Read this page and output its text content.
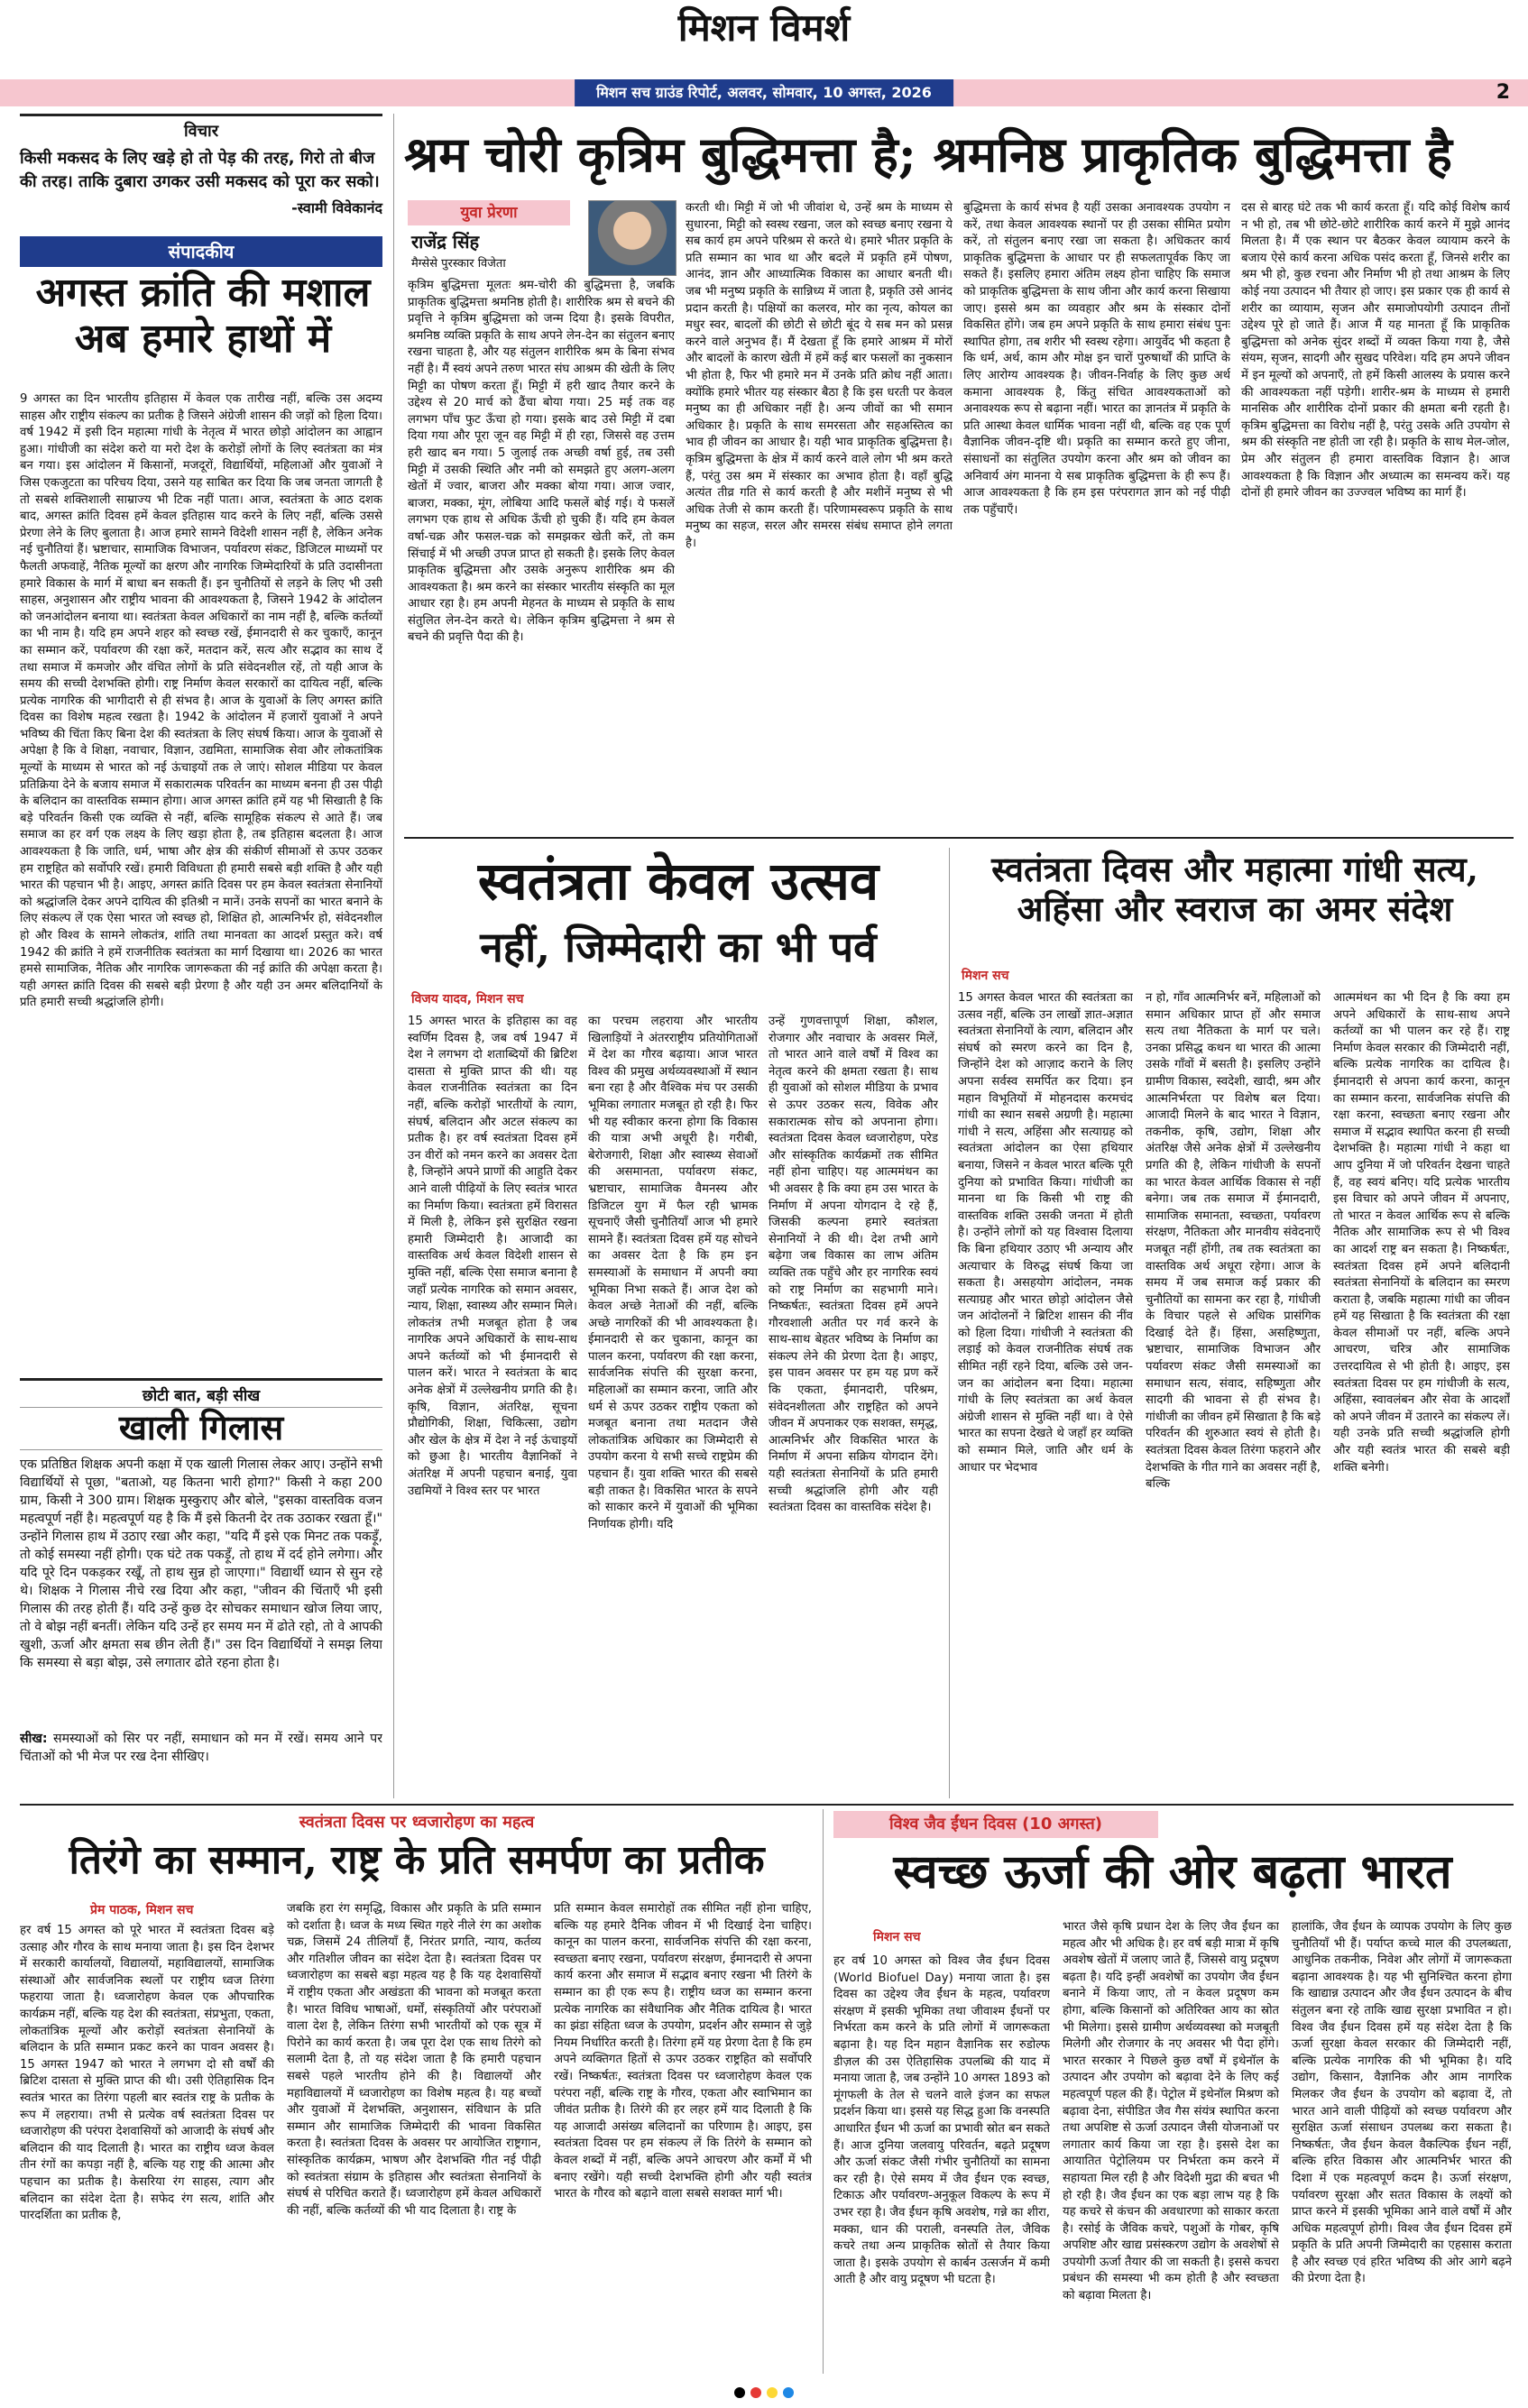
मिशन विमर्श
मिशन सच ग्राउंड रिपोर्ट, अलवर, सोमवार, 10 अगस्त, 2026	2
विचार
किसी मकसद के लिए खड़े हो तो पेड़ की तरह, गिरो तो बीज की तरह। ताकि दुबारा उगकर उसी मकसद को पूरा कर सको।
-स्वामी विवेकानंद
संपादकीय
अगस्त क्रांति की मशाल अब हमारे हाथों में
9 अगस्त का दिन भारतीय इतिहास में केवल एक तारीख नहीं, बल्कि उस अदम्य साहस और राष्ट्रीय संकल्प का प्रतीक है जिसने अंग्रेजी शासन की जड़ों को हिला दिया। वर्ष 1942 में इसी दिन महात्मा गांधी के नेतृत्व में भारत छोड़ो आंदोलन का आह्वान हुआ। गांधीजी का संदेश करो या मरो देश के करोड़ों लोगों के लिए स्वतंत्रता का मंत्र बन गया। इस आंदोलन में किसानों, मजदूरों, विद्यार्थियों, महिलाओं और युवाओं ने जिस एकजुटता का परिचय दिया, उसने यह साबित कर दिया कि जब जनता जागती है तो सबसे शक्तिशाली साम्राज्य भी टिक नहीं पाता। आज, स्वतंत्रता के आठ दशक बाद, अगस्त क्रांति दिवस हमें केवल इतिहास याद करने के लिए नहीं, बल्कि उससे प्रेरणा लेने के लिए बुलाता है। आज हमारे सामने विदेशी शासन नहीं है, लेकिन अनेक नई चुनौतियां हैं। भ्रष्टाचार, सामाजिक विभाजन, पर्यावरण संकट, डिजिटल माध्यमों पर फैलती अफवाहें, नैतिक मूल्यों का क्षरण और नागरिक जिम्मेदारियों के प्रति उदासीनता हमारे विकास के मार्ग में बाधा बन सकती हैं। इन चुनौतियों से लड़ने के लिए भी उसी साहस, अनुशासन और राष्ट्रीय भावना की आवश्यकता है, जिसने 1942 के आंदोलन को जनआंदोलन बनाया था। स्वतंत्रता केवल अधिकारों का नाम नहीं है, बल्कि कर्तव्यों का भी नाम है। यदि हम अपने शहर को स्वच्छ रखें, ईमानदारी से कर चुकाएँ, कानून का सम्मान करें, पर्यावरण की रक्षा करें, मतदान करें, सत्य और सद्भाव का साथ दें तथा समाज में कमजोर और वंचित लोगों के प्रति संवेदनशील रहें, तो यही आज के समय की सच्ची देशभक्ति होगी। राष्ट्र निर्माण केवल सरकारों का दायित्व नहीं, बल्कि प्रत्येक नागरिक की भागीदारी से ही संभव है। आज के युवाओं के लिए अगस्त क्रांति दिवस का विशेष महत्व रखता है। 1942 के आंदोलन में हजारों युवाओं ने अपने भविष्य की चिंता किए बिना देश की स्वतंत्रता के लिए संघर्ष किया। आज के युवाओं से अपेक्षा है कि वे शिक्षा, नवाचार, विज्ञान, उद्यमिता, सामाजिक सेवा और लोकतांत्रिक मूल्यों के माध्यम से भारत को नई ऊंचाइयों तक ले जाएं। सोशल मीडिया पर केवल प्रतिक्रिया देने के बजाय समाज में सकारात्मक परिवर्तन का माध्यम बनना ही उस पीढ़ी के बलिदान का वास्तविक सम्मान होगा। आज अगस्त क्रांति हमें यह भी सिखाती है कि बड़े परिवर्तन किसी एक व्यक्ति से नहीं, बल्कि सामूहिक संकल्प से आते हैं। जब समाज का हर वर्ग एक लक्ष्य के लिए खड़ा होता है, तब इतिहास बदलता है। आज आवश्यकता है कि जाति, धर्म, भाषा और क्षेत्र की संकीर्ण सीमाओं से ऊपर उठकर हम राष्ट्रहित को सर्वोपरि रखें। हमारी विविधता ही हमारी सबसे बड़ी शक्ति है और यही भारत की पहचान भी है। आइए, अगस्त क्रांति दिवस पर हम केवल स्वतंत्रता सेनानियों को श्रद्धांजलि देकर अपने दायित्व की इतिश्री न मानें। उनके सपनों का भारत बनाने के लिए संकल्प लें एक ऐसा भारत जो स्वच्छ हो, शिक्षित हो, आत्मनिर्भर हो, संवेदनशील हो और विश्व के सामने लोकतंत्र, शांति तथा मानवता का आदर्श प्रस्तुत करे। वर्ष 1942 की क्रांति ने हमें राजनीतिक स्वतंत्रता का मार्ग दिखाया था। 2026 का भारत हमसे सामाजिक, नैतिक और नागरिक जागरूकता की नई क्रांति की अपेक्षा करता है। यही अगस्त क्रांति दिवस की सबसे बड़ी प्रेरणा है और यही उन अमर बलिदानियों के प्रति हमारी सच्ची श्रद्धांजलि होगी।
छोटी बात, बड़ी सीख
खाली गिलास
एक प्रतिष्ठित शिक्षक अपनी कक्षा में एक खाली गिलास लेकर आए। उन्होंने सभी विद्यार्थियों से पूछा, "बताओ, यह कितना भारी होगा?" किसी ने कहा 200 ग्राम, किसी ने 300 ग्राम। शिक्षक मुस्कुराए और बोले, "इसका वास्तविक वजन महत्वपूर्ण नहीं है। महत्वपूर्ण यह है कि मैं इसे कितनी देर तक उठाकर रखता हूँ।" उन्होंने गिलास हाथ में उठाए रखा और कहा, "यदि मैं इसे एक मिनट तक पकड़ूँ, तो कोई समस्या नहीं होगी। एक घंटे तक पकड़ूँ, तो हाथ में दर्द होने लगेगा। और यदि पूरे दिन पकड़कर रखूँ, तो हाथ सुन्न हो जाएगा।" विद्यार्थी ध्यान से सुन रहे थे। शिक्षक ने गिलास नीचे रख दिया और कहा, "जीवन की चिंताएँ भी इसी गिलास की तरह होती हैं। यदि उन्हें कुछ देर सोचकर समाधान खोज लिया जाए, तो वे बोझ नहीं बनतीं। लेकिन यदि उन्हें हर समय मन में ढोते रहो, तो वे आपकी खुशी, ऊर्जा और क्षमता सब छीन लेती हैं।" उस दिन विद्यार्थियों ने समझ लिया कि समस्या से बड़ा बोझ, उसे लगातार ढोते रहना होता है।
सीख: समस्याओं को सिर पर नहीं, समाधान को मन में रखें। समय आने पर चिंताओं को भी मेज पर रख देना सीखिए।
श्रम चोरी कृत्रिम बुद्धिमत्ता है; श्रमनिष्ठ प्राकृतिक बुद्धिमत्ता है
युवा प्रेरणा
राजेंद्र सिंह
मैग्सेसे पुरस्कार विजेता
कृत्रिम बुद्धिमत्ता मूलतः श्रम-चोरी की बुद्धिमत्ता है, जबकि प्राकृतिक बुद्धिमत्ता श्रमनिष्ठ होती है। शारीरिक श्रम से बचने की प्रवृत्ति ने कृत्रिम बुद्धिमत्ता को जन्म दिया है। इसके विपरीत, श्रमनिष्ठ व्यक्ति प्रकृति के साथ अपने लेन-देन का संतुलन बनाए रखना चाहता है, और यह संतुलन शारीरिक श्रम के बिना संभव नहीं है। मैं स्वयं अपने तरुण भारत संघ आश्रम की खेती के लिए मिट्टी का पोषण करता हूँ। मिट्टी में हरी खाद तैयार करने के उद्देश्य से 20 मार्च को ढैंचा बोया गया। 25 मई तक वह लगभग पाँच फुट ऊँचा हो गया। इसके बाद उसे मिट्टी में दबा दिया गया और पूरा जून वह मिट्टी में ही रहा, जिससे वह उत्तम हरी खाद बन गया। 5 जुलाई तक अच्छी वर्षा हुई, तब उसी मिट्टी में उसकी स्थिति और नमी को समझते हुए अलग-अलग खेतों में ज्वार, बाजरा और मक्का बोया गया। आज ज्वार, बाजरा, मक्का, मूंग, लोबिया आदि फसलें बोई गई। ये फसलें लगभग एक हाथ से अधिक ऊँची हो चुकी हैं। यदि हम केवल वर्षा-चक्र और फसल-चक्र को समझकर खेती करें, तो कम सिंचाई में भी अच्छी उपज प्राप्त हो सकती है। इसके लिए केवल प्राकृतिक बुद्धिमत्ता और उसके अनुरूप शारीरिक श्रम की आवश्यकता है। श्रम करने का संस्कार भारतीय संस्कृति का मूल आधार रहा है। हम अपनी मेहनत के माध्यम से प्रकृति के साथ संतुलित लेन-देन करते थे। लेकिन कृत्रिम बुद्धिमत्ता ने श्रम से बचने की प्रवृत्ति पैदा की है।
करती थी। मिट्टी में जो भी जीवांश थे, उन्हें श्रम के माध्यम से सुधारना, मिट्टी को स्वस्थ रखना, जल को स्वच्छ बनाए रखना ये सब कार्य हम अपने परिश्रम से करते थे। हमारे भीतर प्रकृति के प्रति सम्मान का भाव था और बदले में प्रकृति हमें पोषण, आनंद, ज्ञान और आध्यात्मिक विकास का आधार बनती थी। जब भी मनुष्य प्रकृति के सान्निध्य में जाता है, प्रकृति उसे आनंद प्रदान करती है। पक्षियों का कलरव, मोर का नृत्य, कोयल का मधुर स्वर, बादलों की छोटी से छोटी बूंद ये सब मन को प्रसन्न करने वाले अनुभव हैं। मैं देखता हूँ कि हमारे आश्रम में मोरों और बादलों के कारण खेती में हमें कई बार फसलों का नुकसान भी होता है, फिर भी हमारे मन में उनके प्रति क्रोध नहीं आता। क्योंकि हमारे भीतर यह संस्कार बैठा है कि इस धरती पर केवल मनुष्य का ही अधिकार नहीं है। अन्य जीवों का भी समान अधिकार है। प्रकृति के साथ समरसता और सहअस्तित्व का भाव ही जीवन का आधार है। यही भाव प्राकृतिक बुद्धिमत्ता है। कृत्रिम बुद्धिमत्ता के क्षेत्र में कार्य करने वाले लोग भी श्रम करते हैं, परंतु उस श्रम में संस्कार का अभाव होता है। वहाँ बुद्धि अत्यंत तीव्र गति से कार्य करती है और मशीनें मनुष्य से भी अधिक तेजी से काम करती हैं। परिणामस्वरूप प्रकृति के साथ मनुष्य का सहज, सरल और समरस संबंध समाप्त होने लगता है।
बुद्धिमत्ता के कार्य संभव है यहीं उसका अनावश्यक उपयोग न करें, तथा केवल आवश्यक स्थानों पर ही उसका सीमित प्रयोग करें, तो संतुलन बनाए रखा जा सकता है। अधिकतर कार्य प्राकृतिक बुद्धिमत्ता के आधार पर ही सफलतापूर्वक किए जा सकते हैं। इसलिए हमारा अंतिम लक्ष्य होना चाहिए कि समाज को प्राकृतिक बुद्धिमत्ता के साथ जीना और कार्य करना सिखाया जाए। इससे श्रम का व्यवहार और श्रम के संस्कार दोनों विकसित होंगे। जब हम अपने प्रकृति के साथ हमारा संबंध पुनः स्थापित होगा, तब शरीर भी स्वस्थ रहेगा। आयुर्वेद भी कहता है कि धर्म, अर्थ, काम और मोक्ष इन चारों पुरुषार्थों की प्राप्ति के लिए आरोग्य आवश्यक है। जीवन-निर्वाह के लिए कुछ अर्थ कमाना आवश्यक है, किंतु संचित आवश्यकताओं को अनावश्यक रूप से बढ़ाना नहीं। भारत का ज्ञानतंत्र में प्रकृति के प्रति आस्था केवल धार्मिक भावना नहीं थी, बल्कि वह एक पूर्ण वैज्ञानिक जीवन-दृष्टि थी। प्रकृति का सम्मान करते हुए जीना, संसाधनों का संतुलित उपयोग करना और श्रम को जीवन का अनिवार्य अंग मानना ये सब प्राकृतिक बुद्धिमत्ता के ही रूप हैं। आज आवश्यकता है कि हम इस परंपरागत ज्ञान को नई पीढ़ी तक पहुँचाएँ।
दस से बारह घंटे तक भी कार्य करता हूँ। यदि कोई विशेष कार्य न भी हो, तब भी छोटे-छोटे शारीरिक कार्य करने में मुझे आनंद मिलता है। मैं एक स्थान पर बैठकर केवल व्यायाम करने के बजाय ऐसे कार्य करना अधिक पसंद करता हूँ, जिनसे शरीर का श्रम भी हो, कुछ रचना और निर्माण भी हो तथा आश्रम के लिए कोई नया उत्पादन भी तैयार हो जाए। इस प्रकार एक ही कार्य से शरीर का व्यायाम, सृजन और समाजोपयोगी उत्पादन तीनों उद्देश्य पूरे हो जाते हैं। आज मैं यह मानता हूँ कि प्राकृतिक बुद्धिमत्ता को अनेक सुंदर शब्दों में व्यक्त किया गया है, जैसे संयम, सृजन, सादगी और सुखद परिवेश। यदि हम अपने जीवन में इन मूल्यों को अपनाएँ, तो हमें किसी आलस्य के प्रयास करने की आवश्यकता नहीं पड़ेगी। शारीर-श्रम के माध्यम से हमारी मानसिक और शारीरिक दोनों प्रकार की क्षमता बनी रहती है। कृत्रिम बुद्धिमत्ता का विरोध नहीं है, परंतु उसके अति उपयोग से श्रम की संस्कृति नष्ट होती जा रही है। प्रकृति के साथ मेल-जोल, प्रेम और संतुलन ही हमारा वास्तविक विज्ञान है। आज आवश्यकता है कि विज्ञान और अध्यात्म का समन्वय करें। यह दोनों ही हमारे जीवन का उज्ज्वल भविष्य का मार्ग हैं।
स्वतंत्रता केवल उत्सव
नहीं, जिम्मेदारी का भी पर्व
विजय यादव, मिशन सच
15 अगस्त भारत के इतिहास का वह स्वर्णिम दिवस है, जब वर्ष 1947 में देश ने लगभग दो शताब्दियों की ब्रिटिश दासता से मुक्ति प्राप्त की थी। यह केवल राजनीतिक स्वतंत्रता का दिन नहीं, बल्कि करोड़ों भारतीयों के त्याग, संघर्ष, बलिदान और अटल संकल्प का प्रतीक है। हर वर्ष स्वतंत्रता दिवस हमें उन वीरों को नमन करने का अवसर देता है, जिन्होंने अपने प्राणों की आहुति देकर आने वाली पीढ़ियों के लिए स्वतंत्र भारत का निर्माण किया। स्वतंत्रता हमें विरासत में मिली है, लेकिन इसे सुरक्षित रखना हमारी जिम्मेदारी है। आजादी का वास्तविक अर्थ केवल विदेशी शासन से मुक्ति नहीं, बल्कि ऐसा समाज बनाना है जहाँ प्रत्येक नागरिक को समान अवसर, न्याय, शिक्षा, स्वास्थ्य और सम्मान मिले। लोकतंत्र तभी मजबूत होता है जब नागरिक अपने अधिकारों के साथ-साथ अपने कर्तव्यों को भी ईमानदारी से पालन करें। भारत ने स्वतंत्रता के बाद अनेक क्षेत्रों में उल्लेखनीय प्रगति की है। कृषि, विज्ञान, अंतरिक्ष, सूचना प्रौद्योगिकी, शिक्षा, चिकित्सा, उद्योग और खेल के क्षेत्र में देश ने नई ऊंचाइयों को छुआ है। भारतीय वैज्ञानिकों ने अंतरिक्ष में अपनी पहचान बनाई, युवा उद्यमियों ने विश्व स्तर पर भारत
का परचम लहराया और भारतीय खिलाड़ियों ने अंतरराष्ट्रीय प्रतियोगिताओं में देश का गौरव बढ़ाया। आज भारत विश्व की प्रमुख अर्थव्यवस्थाओं में स्थान बना रहा है और वैश्विक मंच पर उसकी भूमिका लगातार मजबूत हो रही है। फिर भी यह स्वीकार करना होगा कि विकास की यात्रा अभी अधूरी है। गरीबी, बेरोजगारी, शिक्षा और स्वास्थ्य सेवाओं की असमानता, पर्यावरण संकट, भ्रष्टाचार, सामाजिक वैमनस्य और डिजिटल युग में फैल रही भ्रामक सूचनाएँ जैसी चुनौतियाँ आज भी हमारे सामने हैं। स्वतंत्रता दिवस हमें यह सोचने का अवसर देता है कि हम इन समस्याओं के समाधान में अपनी क्या भूमिका निभा सकते हैं। आज देश को केवल अच्छे नेताओं की नहीं, बल्कि अच्छे नागरिकों की भी आवश्यकता है। ईमानदारी से कर चुकाना, कानून का पालन करना, पर्यावरण की रक्षा करना, सार्वजनिक संपत्ति की सुरक्षा करना, महिलाओं का सम्मान करना, जाति और धर्म से ऊपर उठकर राष्ट्रीय एकता को मजबूत बनाना तथा मतदान जैसे लोकतांत्रिक अधिकार का जिम्मेदारी से उपयोग करना ये सभी सच्चे राष्ट्रप्रेम की पहचान हैं। युवा शक्ति भारत की सबसे बड़ी ताकत है। विकसित भारत के सपने को साकार करने में युवाओं की भूमिका निर्णायक होगी। यदि
उन्हें गुणवत्तापूर्ण शिक्षा, कौशल, रोजगार और नवाचार के अवसर मिलें, तो भारत आने वाले वर्षों में विश्व का नेतृत्व करने की क्षमता रखता है। साथ ही युवाओं को सोशल मीडिया के प्रभाव से ऊपर उठकर सत्य, विवेक और सकारात्मक सोच को अपनाना होगा। स्वतंत्रता दिवस केवल ध्वजारोहण, परेड और सांस्कृतिक कार्यक्रमों तक सीमित नहीं होना चाहिए। यह आत्ममंथन का भी अवसर है कि क्या हम उस भारत के निर्माण में अपना योगदान दे रहे हैं, जिसकी कल्पना हमारे स्वतंत्रता सेनानियों ने की थी। देश तभी आगे बढ़ेगा जब विकास का लाभ अंतिम व्यक्ति तक पहुँचे और हर नागरिक स्वयं को राष्ट्र निर्माण का सहभागी माने। निष्कर्षतः, स्वतंत्रता दिवस हमें अपने गौरवशाली अतीत पर गर्व करने के साथ-साथ बेहतर भविष्य के निर्माण का संकल्प लेने की प्रेरणा देता है। आइए, इस पावन अवसर पर हम यह प्रण करें कि एकता, ईमानदारी, परिश्रम, संवेदनशीलता और राष्ट्रहित को अपने जीवन में अपनाकर एक सशक्त, समृद्ध, आत्मनिर्भर और विकसित भारत के निर्माण में अपना सक्रिय योगदान देंगे। यही स्वतंत्रता सेनानियों के प्रति हमारी सच्ची श्रद्धांजलि होगी और यही स्वतंत्रता दिवस का वास्तविक संदेश है।
स्वतंत्रता दिवस और महात्मा गांधी सत्य, अहिंसा और स्वराज का अमर संदेश
मिशन सच
15 अगस्त केवल भारत की स्वतंत्रता का उत्सव नहीं, बल्कि उन लाखों ज्ञात-अज्ञात स्वतंत्रता सेनानियों के त्याग, बलिदान और संघर्ष को स्मरण करने का दिन है, जिन्होंने देश को आज़ाद कराने के लिए अपना सर्वस्व समर्पित कर दिया। इन महान विभूतियों में मोहनदास करमचंद गांधी का स्थान सबसे अग्रणी है। महात्मा गांधी ने सत्य, अहिंसा और सत्याग्रह को स्वतंत्रता आंदोलन का ऐसा हथियार बनाया, जिसने न केवल भारत बल्कि पूरी दुनिया को प्रभावित किया। गांधीजी का मानना था कि किसी भी राष्ट्र की वास्तविक शक्ति उसकी जनता में होती है। उन्होंने लोगों को यह विश्वास दिलाया कि बिना हथियार उठाए भी अन्याय और अत्याचार के विरुद्ध संघर्ष किया जा सकता है। असहयोग आंदोलन, नमक सत्याग्रह और भारत छोड़ो आंदोलन जैसे जन आंदोलनों ने ब्रिटिश शासन की नींव को हिला दिया। गांधीजी ने स्वतंत्रता की लड़ाई को केवल राजनीतिक संघर्ष तक सीमित नहीं रहने दिया, बल्कि उसे जन-जन का आंदोलन बना दिया। महात्मा गांधी के लिए स्वतंत्रता का अर्थ केवल अंग्रेजी शासन से मुक्ति नहीं था। वे ऐसे भारत का सपना देखते थे जहाँ हर व्यक्ति को सम्मान मिले, जाति और धर्म के आधार पर भेदभाव
न हो, गाँव आत्मनिर्भर बनें, महिलाओं को समान अधिकार प्राप्त हों और समाज सत्य तथा नैतिकता के मार्ग पर चले। उनका प्रसिद्ध कथन था भारत की आत्मा उसके गाँवों में बसती है। इसलिए उन्होंने ग्रामीण विकास, स्वदेशी, खादी, श्रम और आत्मनिर्भरता पर विशेष बल दिया। आजादी मिलने के बाद भारत ने विज्ञान, तकनीक, कृषि, उद्योग, शिक्षा और अंतरिक्ष जैसे अनेक क्षेत्रों में उल्लेखनीय प्रगति की है, लेकिन गांधीजी के सपनों का भारत केवल आर्थिक विकास से नहीं बनेगा। जब तक समाज में ईमानदारी, सामाजिक समानता, स्वच्छता, पर्यावरण संरक्षण, नैतिकता और मानवीय संवेदनाएँ मजबूत नहीं होंगी, तब तक स्वतंत्रता का वास्तविक अर्थ अधूरा रहेगा। आज के समय में जब समाज कई प्रकार की चुनौतियों का सामना कर रहा है, गांधीजी के विचार पहले से अधिक प्रासंगिक दिखाई देते हैं। हिंसा, असहिष्णुता, भ्रष्टाचार, सामाजिक विभाजन और पर्यावरण संकट जैसी समस्याओं का समाधान सत्य, संवाद, सहिष्णुता और सादगी की भावना से ही संभव है। गांधीजी का जीवन हमें सिखाता है कि बड़े परिवर्तन की शुरुआत स्वयं से होती है। स्वतंत्रता दिवस केवल तिरंगा फहराने और देशभक्ति के गीत गाने का अवसर नहीं है, बल्कि
आत्ममंथन का भी दिन है कि क्या हम अपने अधिकारों के साथ-साथ अपने कर्तव्यों का भी पालन कर रहे हैं। राष्ट्र निर्माण केवल सरकार की जिम्मेदारी नहीं, बल्कि प्रत्येक नागरिक का दायित्व है। ईमानदारी से अपना कार्य करना, कानून का सम्मान करना, सार्वजनिक संपत्ति की रक्षा करना, स्वच्छता बनाए रखना और समाज में सद्भाव स्थापित करना ही सच्ची देशभक्ति है। महात्मा गांधी ने कहा था आप दुनिया में जो परिवर्तन देखना चाहते हैं, वह स्वयं बनिए। यदि प्रत्येक भारतीय इस विचार को अपने जीवन में अपनाए, तो भारत न केवल आर्थिक रूप से बल्कि नैतिक और सामाजिक रूप से भी विश्व का आदर्श राष्ट्र बन सकता है। निष्कर्षतः, स्वतंत्रता दिवस हमें अपने बलिदानी स्वतंत्रता सेनानियों के बलिदान का स्मरण कराता है, जबकि महात्मा गांधी का जीवन हमें यह सिखाता है कि स्वतंत्रता की रक्षा केवल सीमाओं पर नहीं, बल्कि अपने आचरण, चरित्र और सामाजिक उत्तरदायित्व से भी होती है। आइए, इस स्वतंत्रता दिवस पर हम गांधीजी के सत्य, अहिंसा, स्वावलंबन और सेवा के आदर्शों को अपने जीवन में उतारने का संकल्प लें। यही उनके प्रति सच्ची श्रद्धांजलि होगी और यही स्वतंत्र भारत की सबसे बड़ी शक्ति बनेगी।
स्वतंत्रता दिवस पर ध्वजारोहण का महत्व
तिरंगे का सम्मान, राष्ट्र के प्रति समर्पण का प्रतीक
प्रेम पाठक, मिशन सच
हर वर्ष 15 अगस्त को पूरे भारत में स्वतंत्रता दिवस बड़े उत्साह और गौरव के साथ मनाया जाता है। इस दिन देशभर में सरकारी कार्यालयों, विद्यालयों, महाविद्यालयों, सामाजिक संस्थाओं और सार्वजनिक स्थलों पर राष्ट्रीय ध्वज तिरंगा फहराया जाता है। ध्वजारोहण केवल एक औपचारिक कार्यक्रम नहीं, बल्कि यह देश की स्वतंत्रता, संप्रभुता, एकता, लोकतांत्रिक मूल्यों और करोड़ों स्वतंत्रता सेनानियों के बलिदान के प्रति सम्मान प्रकट करने का पावन अवसर है। 15 अगस्त 1947 को भारत ने लगभग दो सौ वर्षों की ब्रिटिश दासता से मुक्ति प्राप्त की थी। उसी ऐतिहासिक दिन स्वतंत्र भारत का तिरंगा पहली बार स्वतंत्र राष्ट्र के प्रतीक के रूप में लहराया। तभी से प्रत्येक वर्ष स्वतंत्रता दिवस पर ध्वजारोहण की परंपरा देशवासियों को आजादी के संघर्ष और बलिदान की याद दिलाती है। भारत का राष्ट्रीय ध्वज केवल तीन रंगों का कपड़ा नहीं है, बल्कि यह राष्ट्र की आत्मा और पहचान का प्रतीक है। केसरिया रंग साहस, त्याग और बलिदान का संदेश देता है। सफेद रंग सत्य, शांति और पारदर्शिता का प्रतीक है,
जबकि हरा रंग समृद्धि, विकास और प्रकृति के प्रति सम्मान को दर्शाता है। ध्वज के मध्य स्थित गहरे नीले रंग का अशोक चक्र, जिसमें 24 तीलियाँ हैं, निरंतर प्रगति, न्याय, कर्तव्य और गतिशील जीवन का संदेश देता है। स्वतंत्रता दिवस पर ध्वजारोहण का सबसे बड़ा महत्व यह है कि यह देशवासियों में राष्ट्रीय एकता और अखंडता की भावना को मजबूत करता है। भारत विविध भाषाओं, धर्मों, संस्कृतियों और परंपराओं वाला देश है, लेकिन तिरंगा सभी भारतीयों को एक सूत्र में पिरोने का कार्य करता है। जब पूरा देश एक साथ तिरंगे को सलामी देता है, तो यह संदेश जाता है कि हमारी पहचान सबसे पहले भारतीय होने की है। विद्यालयों और महाविद्यालयों में ध्वजारोहण का विशेष महत्व है। यह बच्चों और युवाओं में देशभक्ति, अनुशासन, संविधान के प्रति सम्मान और सामाजिक जिम्मेदारी की भावना विकसित करता है। स्वतंत्रता दिवस के अवसर पर आयोजित राष्ट्रगान, सांस्कृतिक कार्यक्रम, भाषण और देशभक्ति गीत नई पीढ़ी को स्वतंत्रता संग्राम के इतिहास और स्वतंत्रता सेनानियों के संघर्ष से परिचित कराते हैं। ध्वजारोहण हमें केवल अधिकारों की नहीं, बल्कि कर्तव्यों की भी याद दिलाता है। राष्ट्र के
प्रति सम्मान केवल समारोहों तक सीमित नहीं होना चाहिए, बल्कि यह हमारे दैनिक जीवन में भी दिखाई देना चाहिए। कानून का पालन करना, सार्वजनिक संपत्ति की रक्षा करना, स्वच्छता बनाए रखना, पर्यावरण संरक्षण, ईमानदारी से अपना कार्य करना और समाज में सद्भाव बनाए रखना भी तिरंगे के सम्मान का ही एक रूप है। राष्ट्रीय ध्वज का सम्मान करना प्रत्येक नागरिक का संवैधानिक और नैतिक दायित्व है। भारत का झंडा संहिता ध्वज के उपयोग, प्रदर्शन और सम्मान से जुड़े नियम निर्धारित करती है। तिरंगा हमें यह प्रेरणा देता है कि हम अपने व्यक्तिगत हितों से ऊपर उठकर राष्ट्रहित को सर्वोपरि रखें। निष्कर्षतः, स्वतंत्रता दिवस पर ध्वजारोहण केवल एक परंपरा नहीं, बल्कि राष्ट्र के गौरव, एकता और स्वाभिमान का जीवंत प्रतीक है। तिरंगे की हर लहर हमें याद दिलाती है कि यह आजादी असंख्य बलिदानों का परिणाम है। आइए, इस स्वतंत्रता दिवस पर हम संकल्प लें कि तिरंगे के सम्मान को केवल शब्दों में नहीं, बल्कि अपने आचरण और कर्मों में भी बनाए रखेंगे। यही सच्ची देशभक्ति होगी और यही स्वतंत्र भारत के गौरव को बढ़ाने वाला सबसे सशक्त मार्ग भी।
विश्व जैव ईंधन दिवस (10 अगस्त)
स्वच्छ ऊर्जा की ओर बढ़ता भारत
मिशन सच
हर वर्ष 10 अगस्त को विश्व जैव ईंधन दिवस (World Biofuel Day) मनाया जाता है। इस दिवस का उद्देश्य जैव ईंधन के महत्व, पर्यावरण संरक्षण में इसकी भूमिका तथा जीवाश्म ईंधनों पर निर्भरता कम करने के प्रति लोगों में जागरूकता बढ़ाना है। यह दिन महान वैज्ञानिक सर रुडोल्फ डीज़ल की उस ऐतिहासिक उपलब्धि की याद में मनाया जाता है, जब उन्होंने 10 अगस्त 1893 को मूंगफली के तेल से चलने वाले इंजन का सफल प्रदर्शन किया था। इससे यह सिद्ध हुआ कि वनस्पति आधारित ईंधन भी ऊर्जा का प्रभावी स्रोत बन सकते हैं। आज दुनिया जलवायु परिवर्तन, बढ़ते प्रदूषण और ऊर्जा संकट जैसी गंभीर चुनौतियों का सामना कर रही है। ऐसे समय में जैव ईंधन एक स्वच्छ, टिकाऊ और पर्यावरण-अनुकूल विकल्प के रूप में उभर रहा है। जैव ईंधन कृषि अवशेष, गन्ने का शीरा, मक्का, धान की पराली, वनस्पति तेल, जैविक कचरे तथा अन्य प्राकृतिक स्रोतों से तैयार किया जाता है। इसके उपयोग से कार्बन उत्सर्जन में कमी आती है और वायु प्रदूषण भी घटता है।
भारत जैसे कृषि प्रधान देश के लिए जैव ईंधन का महत्व और भी अधिक है। हर वर्ष बड़ी मात्रा में कृषि अवशेष खेतों में जलाए जाते हैं, जिससे वायु प्रदूषण बढ़ता है। यदि इन्हीं अवशेषों का उपयोग जैव ईंधन बनाने में किया जाए, तो न केवल प्रदूषण कम होगा, बल्कि किसानों को अतिरिक्त आय का स्रोत भी मिलेगा। इससे ग्रामीण अर्थव्यवस्था को मजबूती मिलेगी और रोजगार के नए अवसर भी पैदा होंगे। भारत सरकार ने पिछले कुछ वर्षों में इथेनॉल के उत्पादन और उपयोग को बढ़ावा देने के लिए कई महत्वपूर्ण पहल की हैं। पेट्रोल में इथेनॉल मिश्रण को बढ़ावा देना, संपीडित जैव गैस संयंत्र स्थापित करना तथा अपशिष्ट से ऊर्जा उत्पादन जैसी योजनाओं पर लगातार कार्य किया जा रहा है। इससे देश का आयातित पेट्रोलियम पर निर्भरता कम करने में सहायता मिल रही है और विदेशी मुद्रा की बचत भी हो रही है। जैव ईंधन का एक बड़ा लाभ यह है कि यह कचरे से कंचन की अवधारणा को साकार करता है। रसोई के जैविक कचरे, पशुओं के गोबर, कृषि अपशिष्ट और खाद्य प्रसंस्करण उद्योग के अवशेषों से उपयोगी ऊर्जा तैयार की जा सकती है। इससे कचरा प्रबंधन की समस्या भी कम होती है और स्वच्छता को बढ़ावा मिलता है।
हालांकि, जैव ईंधन के व्यापक उपयोग के लिए कुछ चुनौतियाँ भी हैं। पर्याप्त कच्चे माल की उपलब्धता, आधुनिक तकनीक, निवेश और लोगों में जागरूकता बढ़ाना आवश्यक है। यह भी सुनिश्चित करना होगा कि खाद्यान्न उत्पादन और जैव ईंधन उत्पादन के बीच संतुलन बना रहे ताकि खाद्य सुरक्षा प्रभावित न हो। विश्व जैव ईंधन दिवस हमें यह संदेश देता है कि ऊर्जा सुरक्षा केवल सरकार की जिम्मेदारी नहीं, बल्कि प्रत्येक नागरिक की भी भूमिका है। यदि उद्योग, किसान, वैज्ञानिक और आम नागरिक मिलकर जैव ईंधन के उपयोग को बढ़ावा दें, तो भारत आने वाली पीढ़ियों को स्वच्छ पर्यावरण और सुरक्षित ऊर्जा संसाधन उपलब्ध करा सकता है। निष्कर्षतः, जैव ईंधन केवल वैकल्पिक ईंधन नहीं, बल्कि हरित विकास और आत्मनिर्भर भारत की दिशा में एक महत्वपूर्ण कदम है। ऊर्जा संरक्षण, पर्यावरण सुरक्षा और सतत विकास के लक्ष्यों को प्राप्त करने में इसकी भूमिका आने वाले वर्षों में और अधिक महत्वपूर्ण होगी। विश्व जैव ईंधन दिवस हमें प्रकृति के प्रति अपनी जिम्मेदारी का एहसास कराता है और स्वच्छ एवं हरित भविष्य की ओर आगे बढ़ने की प्रेरणा देता है।
